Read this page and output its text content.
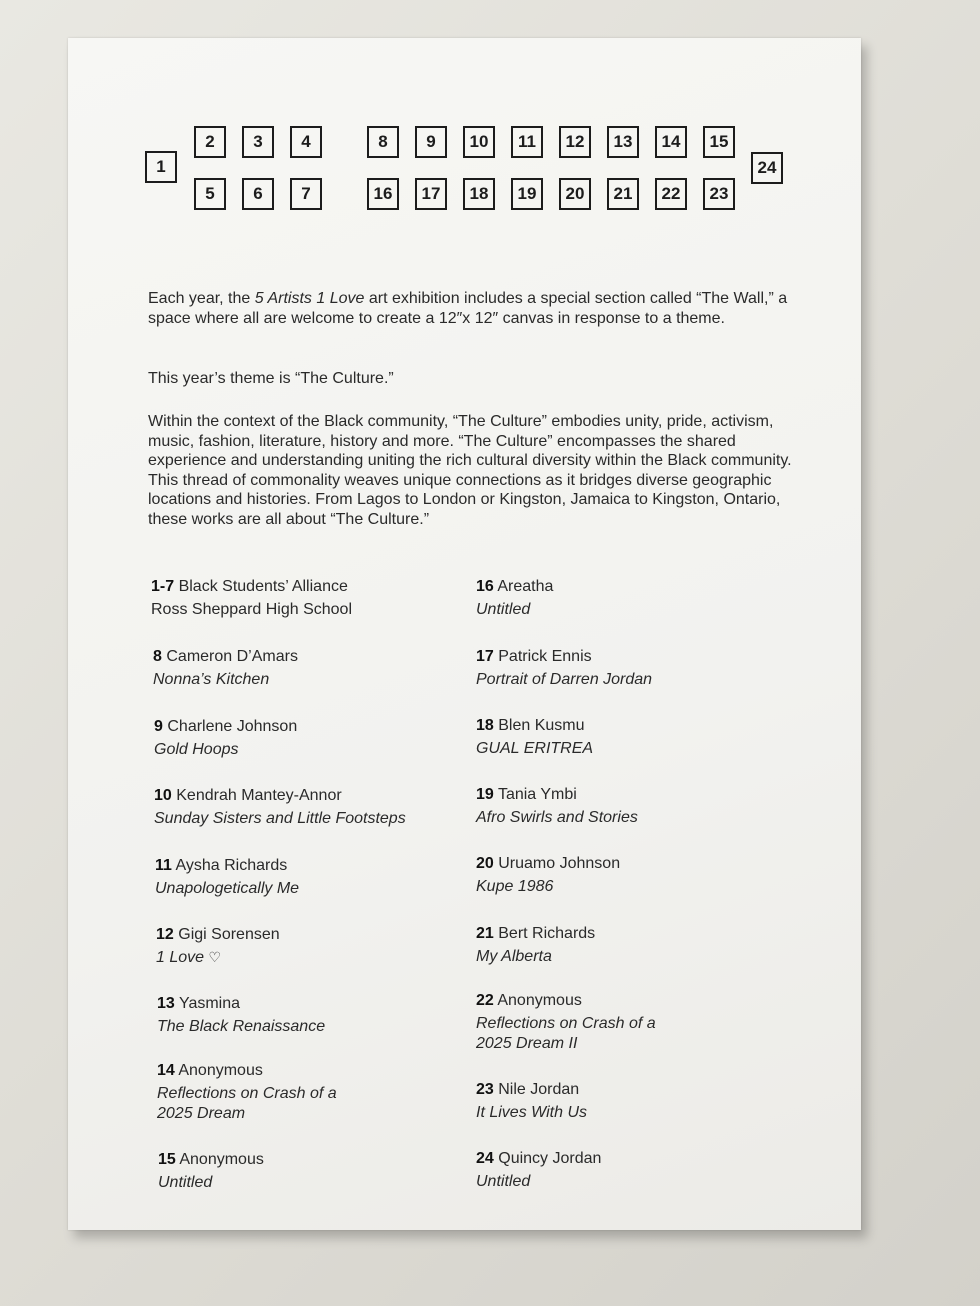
1
2	3	4
5	6	7
8	9	10	11	12	13	14	15
16	17	18	19	20	21	22	23
24

Each year, the 5 Artists 1 Love art exhibition includes a special section called “The Wall,” a space where all are welcome to create a 12″x 12″ canvas in response to a theme.

This year’s theme is “The Culture.”

Within the context of the Black community, “The Culture” embodies unity, pride, activism, music, fashion, literature, history and more. “The Culture” encompasses the shared experience and understanding uniting the rich cultural diversity within the Black community. This thread of commonality weaves unique connections as it bridges diverse geographic locations and histories. From Lagos to London or Kingston, Jamaica to Kingston, Ontario, these works are all about “The Culture.”

1-7 Black Students’ Alliance
Ross Sheppard High School
8 Cameron D’Amars
Nonna’s Kitchen
9 Charlene Johnson
Gold Hoops
10 Kendrah Mantey-Annor
Sunday Sisters and Little Footsteps
11 Aysha Richards
Unapologetically Me
12 Gigi Sorensen
1 Love ♡
13 Yasmina
The Black Renaissance
14 Anonymous
Reflections on Crash of a
2025 Dream
15 Anonymous
Untitled
16 Areatha
Untitled
17 Patrick Ennis
Portrait of Darren Jordan
18 Blen Kusmu
GUAL ERITREA
19 Tania Ymbi
Afro Swirls and Stories
20 Uruamo Johnson
Kupe 1986
21 Bert Richards
My Alberta
22 Anonymous
Reflections on Crash of a
2025 Dream II
23 Nile Jordan
It Lives With Us
24 Quincy Jordan
Untitled
